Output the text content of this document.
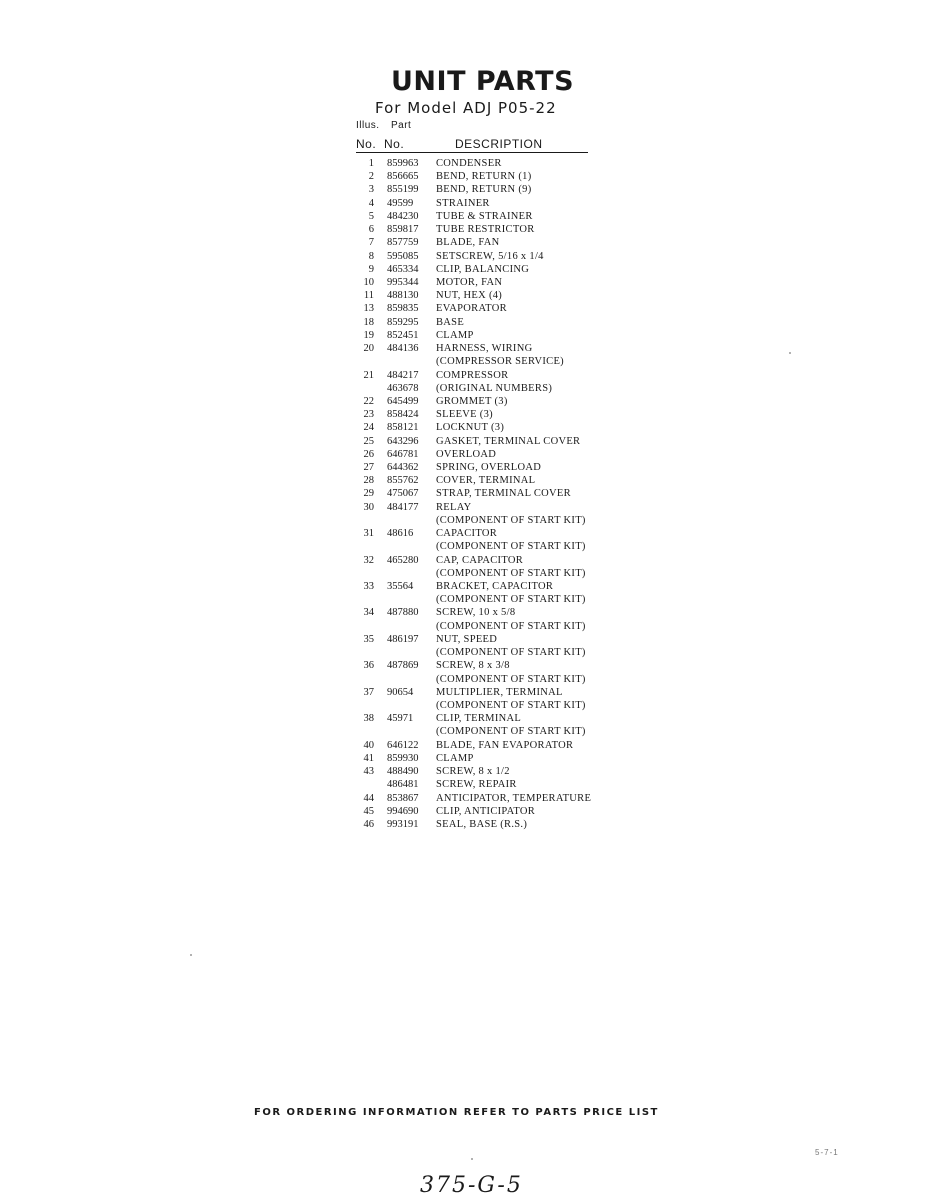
UNIT PARTS
For Model ADJ P05-22
Illus. Part
No. No.	DESCRIPTION
1 859963	CONDENSER
2 856665	BEND, RETURN (1)
3 855199	BEND, RETURN (9)
4 49599	STRAINER
5 484230	TUBE & STRAINER
6 859817	TUBE RESTRICTOR
7 857759	BLADE, FAN
8 595085	SETSCREW, 5/16 x 1/4
9 465334	CLIP, BALANCING
10 995344	MOTOR, FAN
11 488130	NUT, HEX (4)
13 859835	EVAPORATOR
18 859295	BASE
19 852451	CLAMP
20 484136	HARNESS, WIRING
(COMPRESSOR SERVICE)
21 484217	COMPRESSOR
463678	(ORIGINAL NUMBERS)
22 645499	GROMMET (3)
23 858424	SLEEVE (3)
24 858121	LOCKNUT (3)
25 643296	GASKET, TERMINAL COVER
26 646781	OVERLOAD
27 644362	SPRING, OVERLOAD
28 855762	COVER, TERMINAL
29 475067	STRAP, TERMINAL COVER
30 484177	RELAY
(COMPONENT OF START KIT)
31 48616	CAPACITOR
(COMPONENT OF START KIT)
32 465280	CAP, CAPACITOR
(COMPONENT OF START KIT)
33 35564	BRACKET, CAPACITOR
(COMPONENT OF START KIT)
34 487880	SCREW, 10 x 5/8
(COMPONENT OF START KIT)
35 486197	NUT, SPEED
(COMPONENT OF START KIT)
36 487869	SCREW, 8 x 3/8
(COMPONENT OF START KIT)
37 90654	MULTIPLIER, TERMINAL
(COMPONENT OF START KIT)
38 45971	CLIP, TERMINAL
(COMPONENT OF START KIT)
40 646122	BLADE, FAN EVAPORATOR
41 859930	CLAMP
43 488490	SCREW, 8 x 1/2
486481	SCREW, REPAIR
44 853867	ANTICIPATOR, TEMPERATURE
45 994690	CLIP, ANTICIPATOR
46 993191	SEAL, BASE (R.S.)
FOR ORDERING INFORMATION REFER TO PARTS PRICE LIST
5-7-1
375-G-5
